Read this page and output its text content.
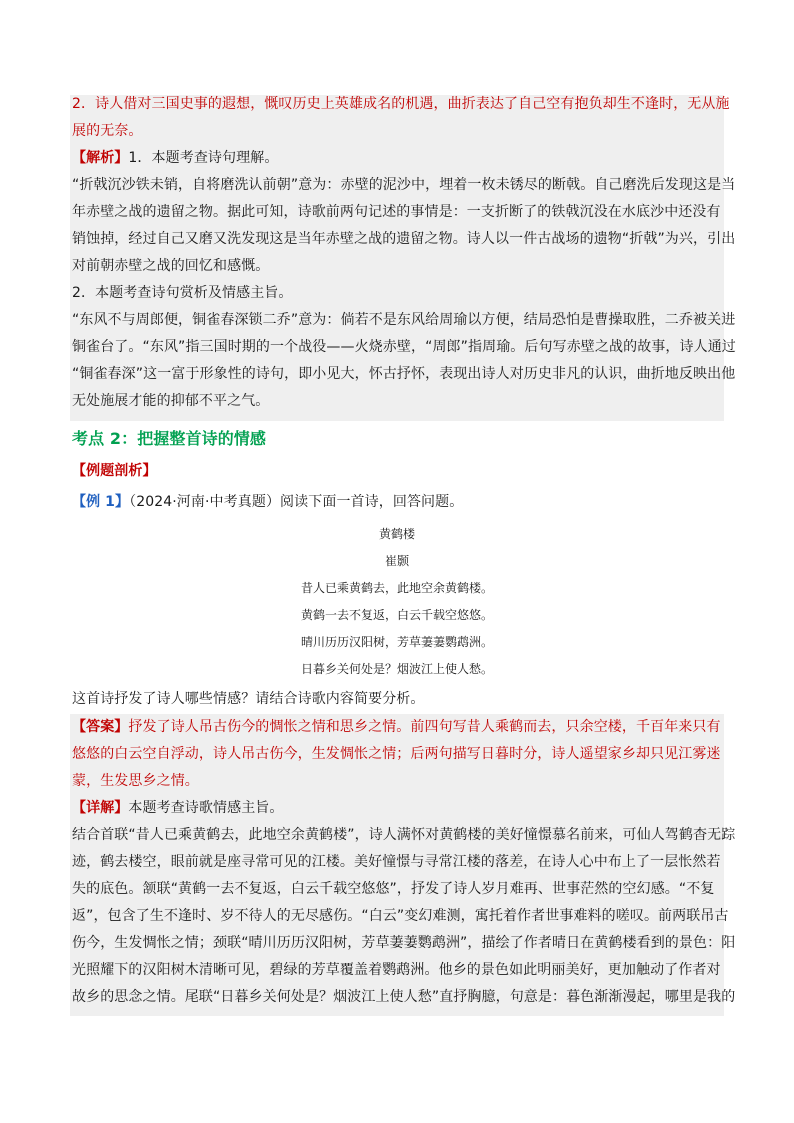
2．诗人借对三国史事的遐想，慨叹历史上英雄成名的机遇，曲折表达了自己空有抱负却生不逢时，无从施
展的无奈。
【解析】1．本题考查诗句理解。
“折戟沉沙铁未销，自将磨洗认前朝”意为：赤壁的泥沙中，埋着一枚未锈尽的断戟。自己磨洗后发现这是当
年赤壁之战的遗留之物。据此可知，诗歌前两句记述的事情是：一支折断了的铁戟沉没在水底沙中还没有
销蚀掉，经过自己又磨又洗发现这是当年赤壁之战的遗留之物。诗人以一件古战场的遗物“折戟”为兴，引出
对前朝赤壁之战的回忆和感慨。
2．本题考查诗句赏析及情感主旨。
“东风不与周郎便，铜雀春深锁二乔”意为：倘若不是东风给周瑜以方便，结局恐怕是曹操取胜，二乔被关进
铜雀台了。“东风”指三国时期的一个战役——火烧赤壁，“周郎”指周瑜。后句写赤壁之战的故事，诗人通过
“铜雀春深”这一富于形象性的诗句，即小见大，怀古抒怀，表现出诗人对历史非凡的认识，曲折地反映出他
无处施展才能的抑郁不平之气。
考点 2：把握整首诗的情感
【例题剖析】
【例 1】（2024·河南·中考真题）阅读下面一首诗，回答问题。
黄鹤楼
崔颢
昔人已乘黄鹤去，此地空余黄鹤楼。
黄鹤一去不复返，白云千载空悠悠。
晴川历历汉阳树，芳草萋萋鹦鹉洲。
日暮乡关何处是？烟波江上使人愁。
这首诗抒发了诗人哪些情感？请结合诗歌内容简要分析。
【答案】抒发了诗人吊古伤今的惆怅之情和思乡之情。前四句写昔人乘鹤而去，只余空楼，千百年来只有
悠悠的白云空自浮动，诗人吊古伤今，生发惆怅之情；后两句描写日暮时分，诗人遥望家乡却只见江雾迷
蒙，生发思乡之情。
【详解】本题考查诗歌情感主旨。
结合首联“昔人已乘黄鹤去，此地空余黄鹤楼”，诗人满怀对黄鹤楼的美好憧憬慕名前来，可仙人驾鹤杳无踪
迹，鹤去楼空，眼前就是座寻常可见的江楼。美好憧憬与寻常江楼的落差，在诗人心中布上了一层怅然若
失的底色。颔联“黄鹤一去不复返，白云千载空悠悠”，抒发了诗人岁月难再、世事茫然的空幻感。“不复
返”，包含了生不逢时、岁不待人的无尽感伤。“白云”变幻难测，寓托着作者世事难料的嗟叹。前两联吊古
伤今，生发惆怅之情；颈联“晴川历历汉阳树，芳草萋萋鹦鹉洲”，描绘了作者晴日在黄鹤楼看到的景色：阳
光照耀下的汉阳树木清晰可见，碧绿的芳草覆盖着鹦鹉洲。他乡的景色如此明丽美好，更加触动了作者对
故乡的思念之情。尾联“日暮乡关何处是？烟波江上使人愁”直抒胸臆，句意是：暮色渐渐漫起，哪里是我的
